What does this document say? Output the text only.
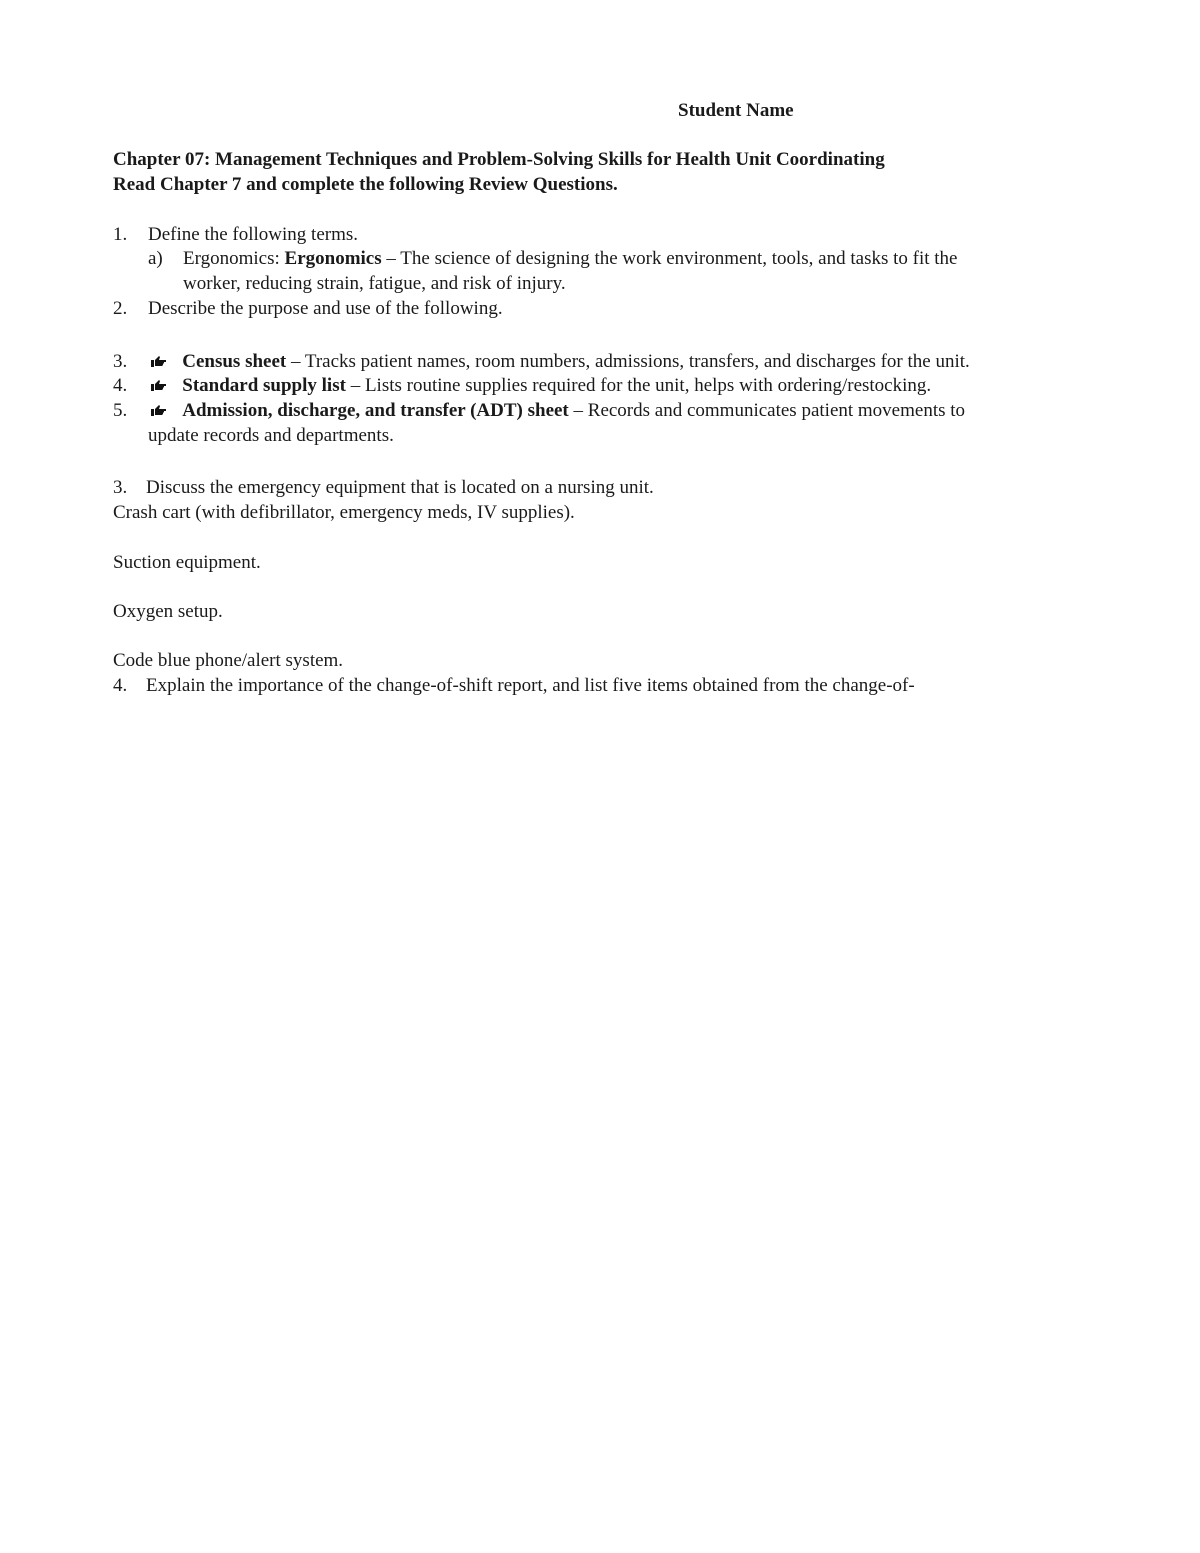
Student Name
Chapter 07: Management Techniques and Problem-Solving Skills for Health Unit Coordinating
Read Chapter 7 and complete the following Review Questions.
1. Define the following terms.
a) Ergonomics: Ergonomics – The science of designing the work environment, tools, and tasks to fit the
worker, reducing strain, fatigue, and risk of injury.
2. Describe the purpose and use of the following.
3.	Census sheet – Tracks patient names, room numbers, admissions, transfers, and discharges for the unit.
4.	Standard supply list – Lists routine supplies required for the unit, helps with ordering/restocking.
5.	Admission, discharge, and transfer (ADT) sheet – Records and communicates patient movements to
update records and departments.
3. Discuss the emergency equipment that is located on a nursing unit.
Crash cart (with defibrillator, emergency meds, IV supplies).
Suction equipment.
Oxygen setup.
Code blue phone/alert system.
4. Explain the importance of the change-of-shift report, and list five items obtained from the change-of-
